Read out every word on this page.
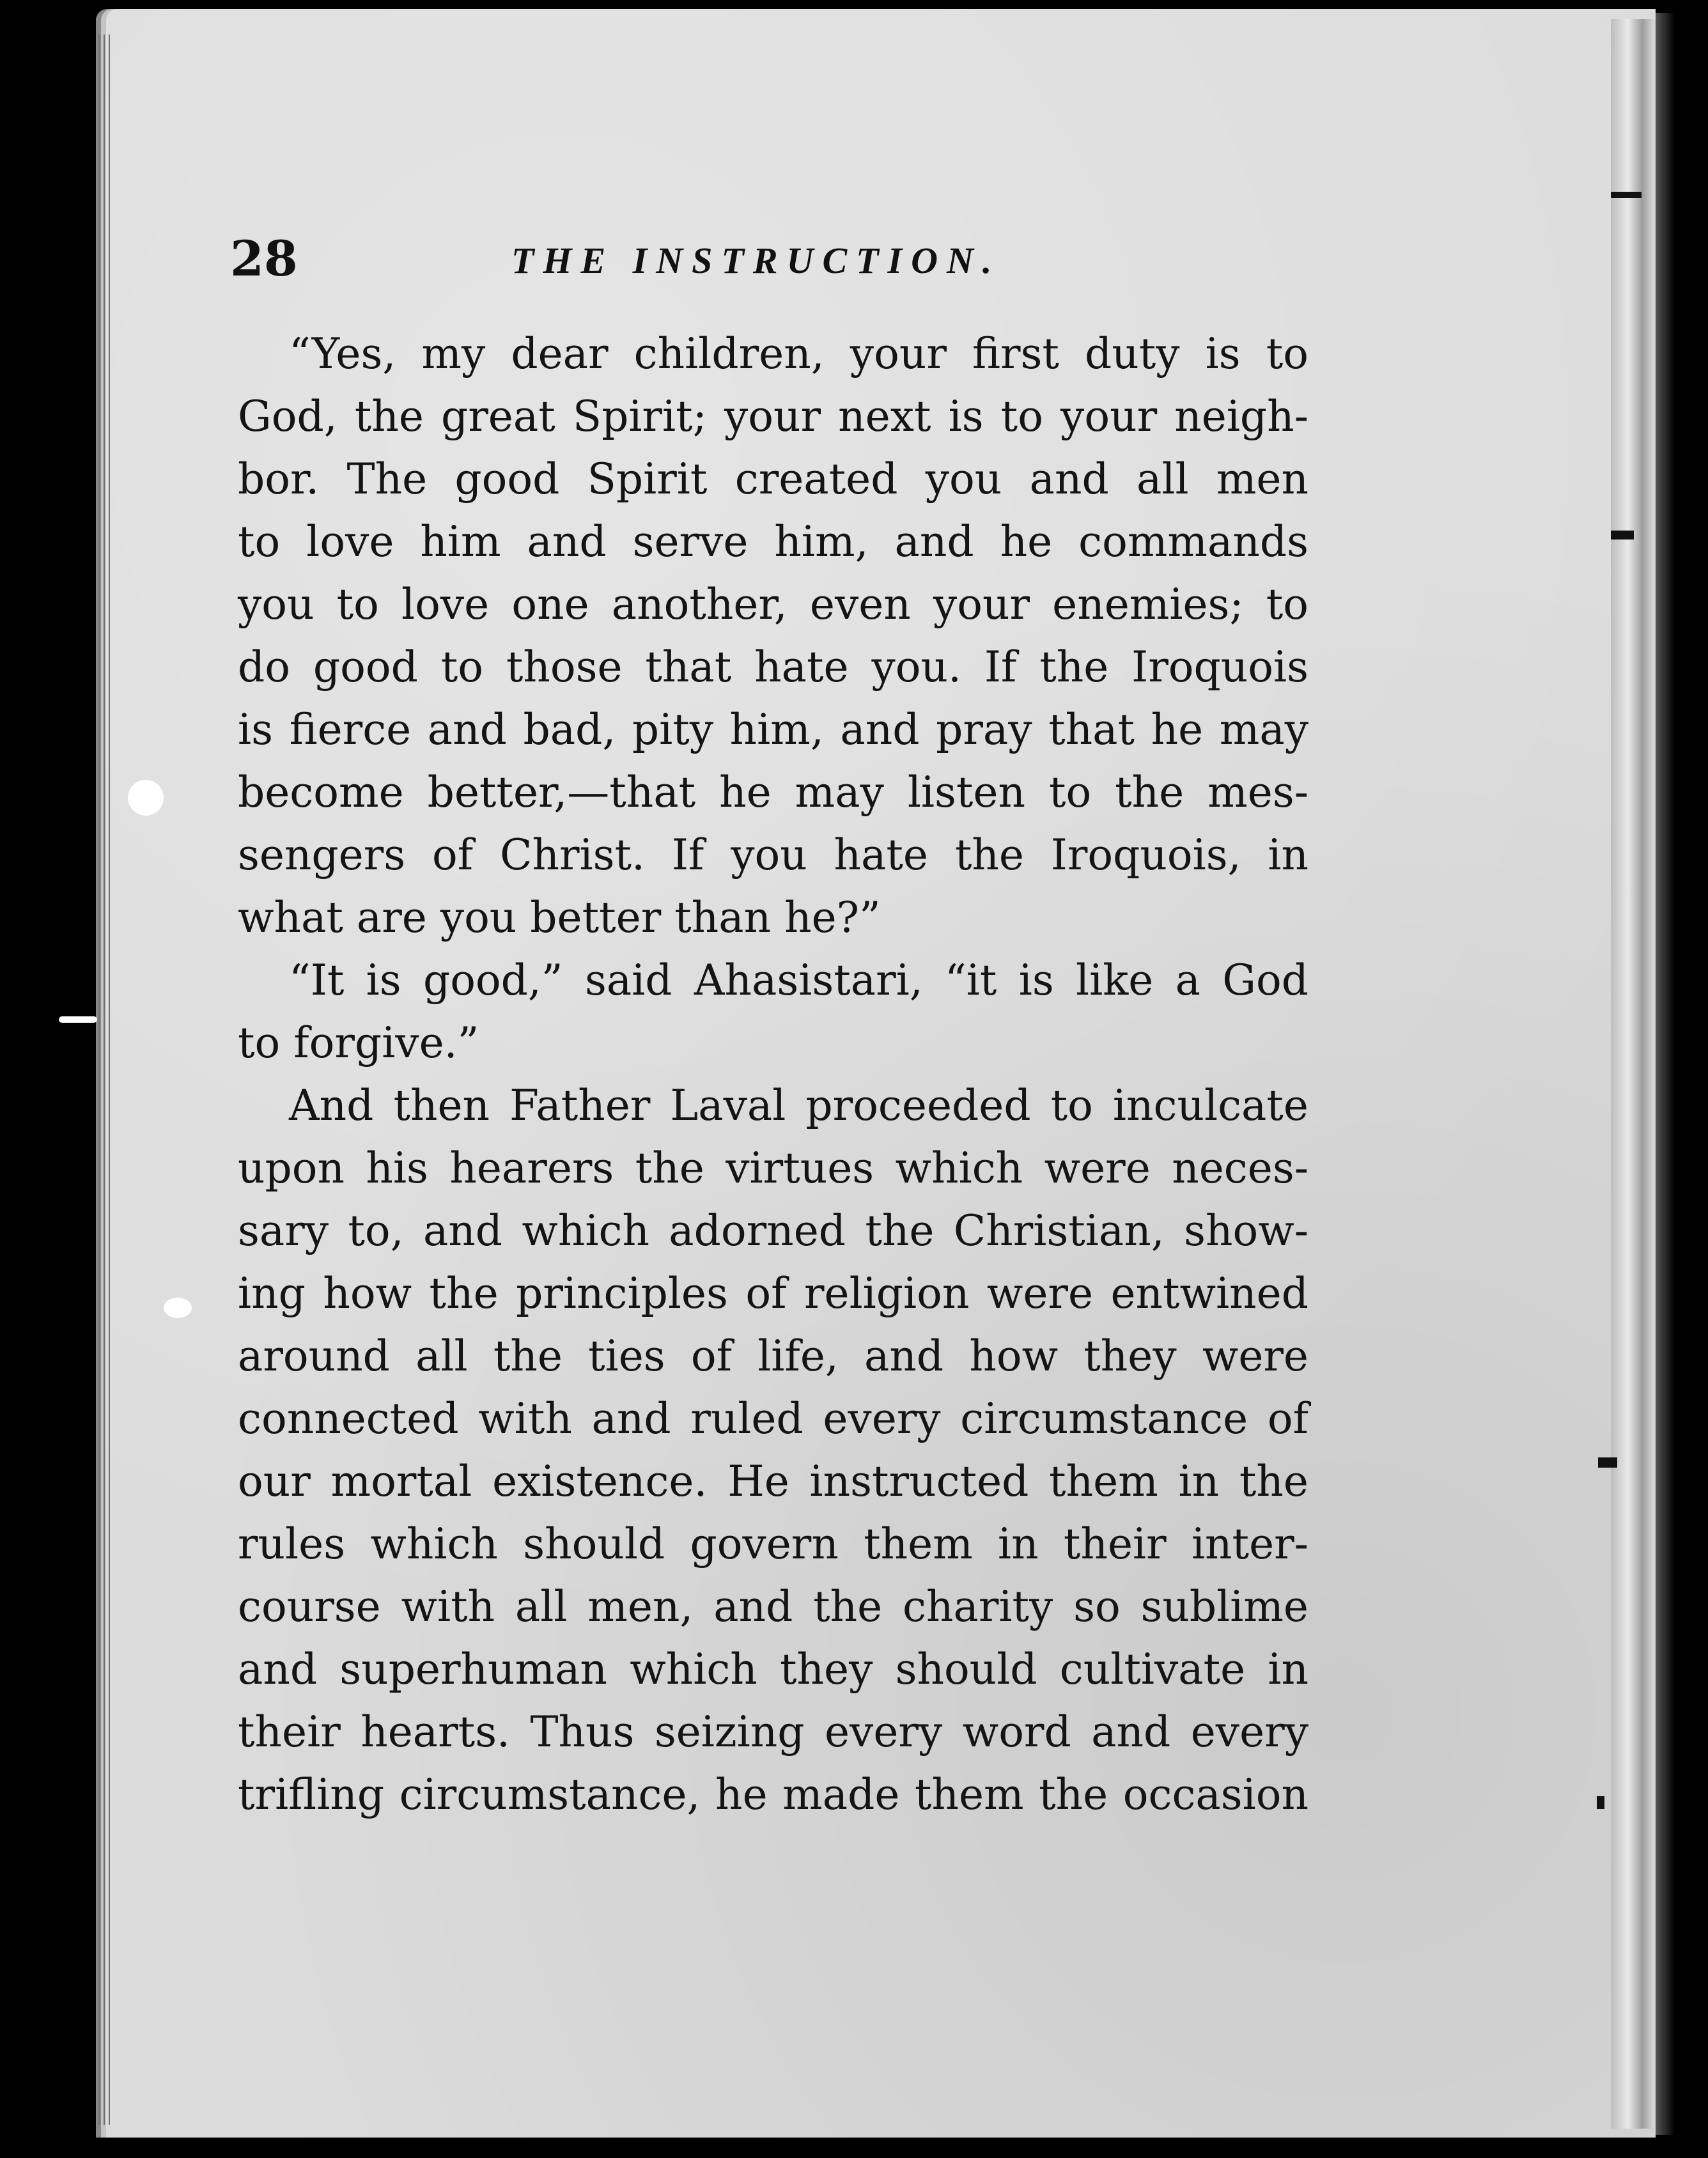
28	THE INSTRUCTION.
“Yes, my dear children, your first duty is to
God, the great Spirit; your next is to your neigh-
bor. The good Spirit created you and all men
to love him and serve him, and he commands
you to love one another, even your enemies; to
do good to those that hate you. If the Iroquois
is fierce and bad, pity him, and pray that he may
become better,—that he may listen to the mes-
sengers of Christ. If you hate the Iroquois, in
what are you better than he?”
“It is good,” said Ahasistari, “it is like a God
to forgive.”
And then Father Laval proceeded to inculcate
upon his hearers the virtues which were neces-
sary to, and which adorned the Christian, show-
ing how the principles of religion were entwined
around all the ties of life, and how they were
connected with and ruled every circumstance of
our mortal existence. He instructed them in the
rules which should govern them in their inter-
course with all men, and the charity so sublime
and superhuman which they should cultivate in
their hearts. Thus seizing every word and every
trifling circumstance, he made them the occasion
